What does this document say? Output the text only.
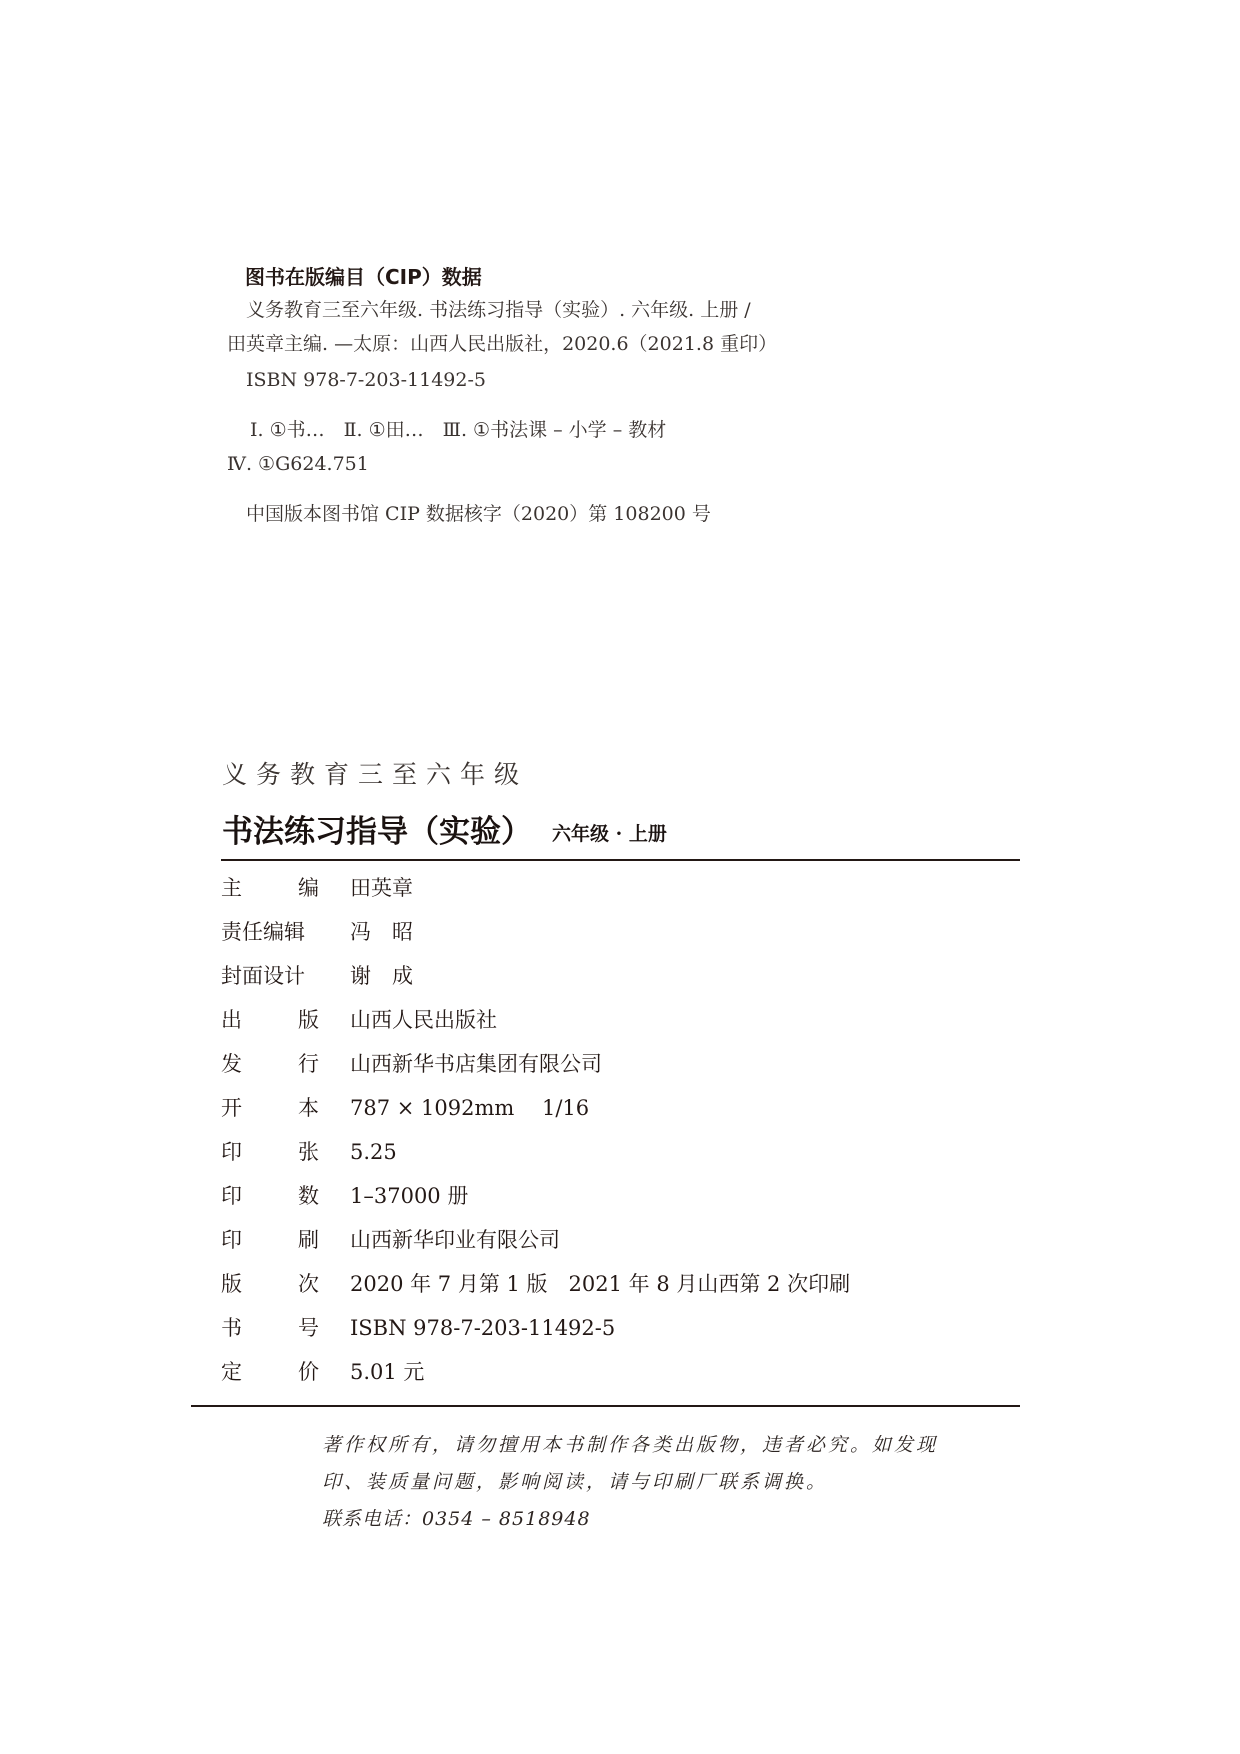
图书在版编目（CIP）数据
义务教育三至六年级. 书法练习指导（实验）. 六年级. 上册 /
田英章主编. —太原：山西人民出版社，2020.6（2021.8 重印）
ISBN 978-7-203-11492-5
Ⅰ. ①书…　Ⅱ. ①田…　Ⅲ. ①书法课 – 小学 – 教材
Ⅳ. ①G624.751
中国版本图书馆 CIP 数据核字（2020）第 108200 号
义务教育三至六年级
书法练习指导（实验） 六年级 · 上册
主	编 田英章
责任编辑	冯　昭
封面设计	谢　成
出	版 山西人民出版社
发	行 山西新华书店集团有限公司
开	本 787 × 1092mm　 1/16
印	张 5.25
印	数 1–37000 册
印	刷 山西新华印业有限公司
版	次 2020 年 7 月第 1 版　2021 年 8 月山西第 2 次印刷
书	号 ISBN 978-7-203-11492-5
定	价 5.01 元
著作权所有，请勿擅用本书制作各类出版物，违者必究。如发现
印、装质量问题，影响阅读，请与印刷厂联系调换。
联系电话：0354 – 8518948
